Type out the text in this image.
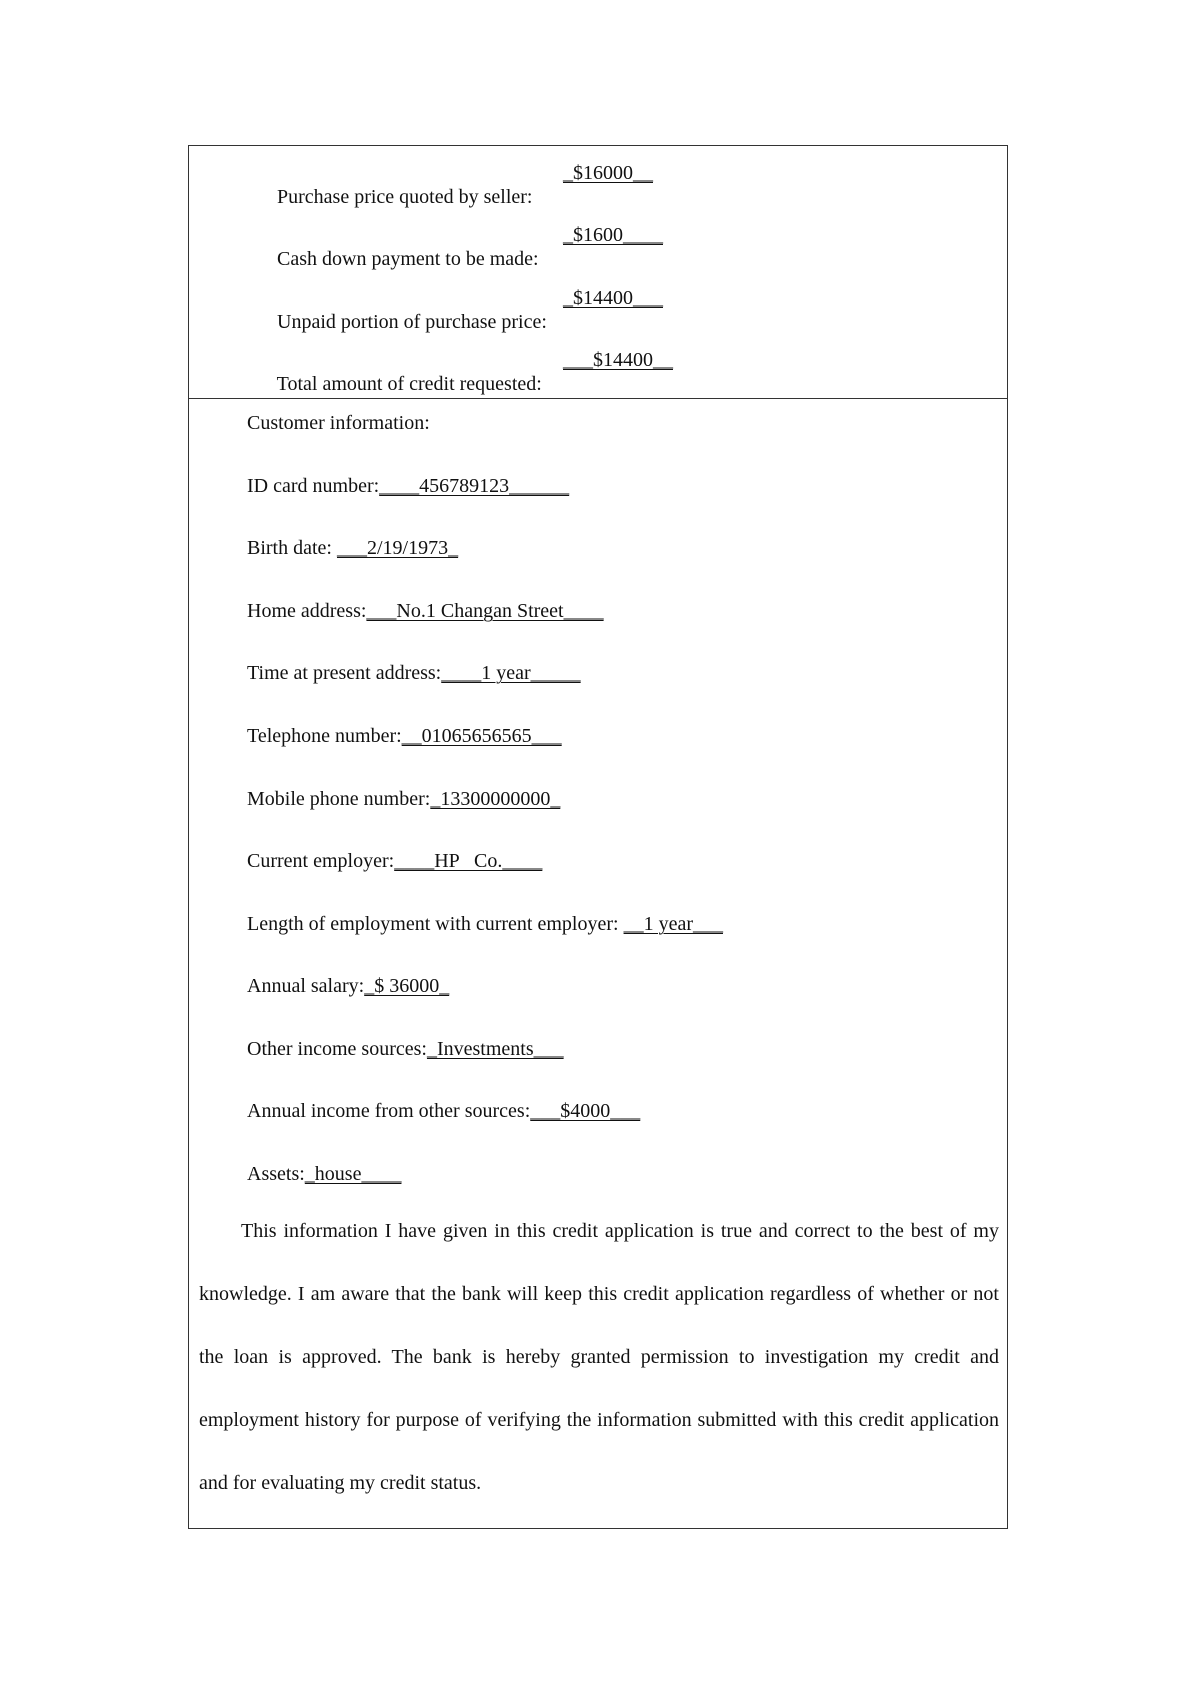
Purchase price quoted by seller:

_$16000__

Cash down payment to be made:

_$1600____

Unpaid portion of purchase price:

_$14400___

Total amount of credit requested:

___$14400__

Customer information:
ID card number:____456789123______
Birth date: ___2/19/1973_
Home address:___No.1 Changan Street____
Time at present address:____1 year_____
Telephone number:__01065656565___
Mobile phone number:_13300000000_
Current employer:____HP   Co.____
Length of employment with current employer: __1 year___
Annual salary:_$ 36000_
Other income sources:_Investments___
Annual income from other sources:___$4000___
Assets:_house____

This information I have given in this credit application is true and correct to the best of my knowledge. I am aware that the bank will keep this credit application regardless of whether or not the loan is approved. The bank is hereby granted permission to investigation my credit and employment history for purpose of verifying the information submitted with this credit application and for evaluating my credit status.
